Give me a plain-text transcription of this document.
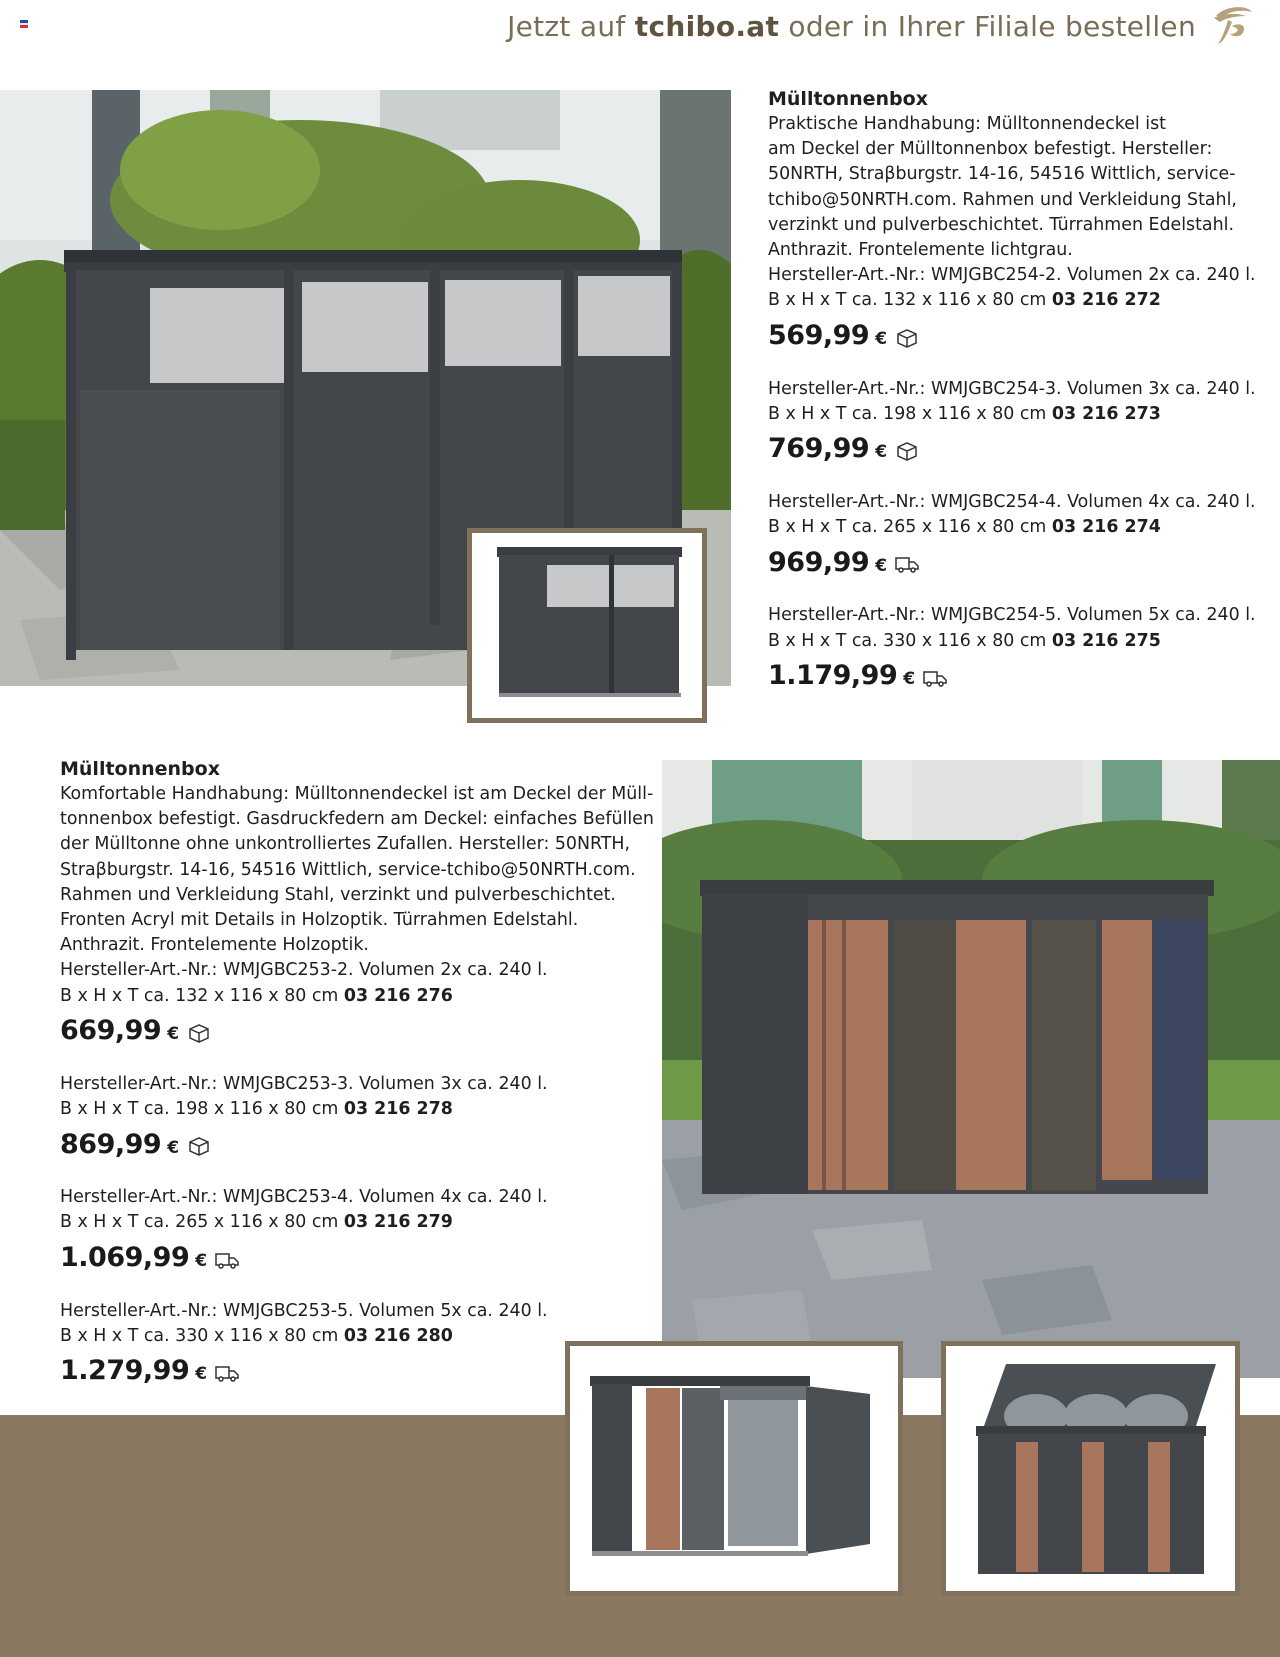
Jetzt auf tchibo.at oder in Ihrer Filiale bestellen
Mülltonnenbox
Praktische Handhabung: Mülltonnendeckel ist
am Deckel der Mülltonnenbox befestigt. Hersteller:
50NRTH, Straβburgstr. 14-16, 54516 Wittlich, service-
tchibo@50NRTH.com. Rahmen und Verkleidung Stahl,
verzinkt und pulverbeschichtet. Türrahmen Edelstahl.
Anthrazit. Frontelemente lichtgrau.
Hersteller-Art.-Nr.: WMJGBC254-2. Volumen 2x ca. 240 l.
B x H x T ca. 132 x 116 x 80 cm 03 216 272
569,99 €
Hersteller-Art.-Nr.: WMJGBC254-3. Volumen 3x ca. 240 l.
B x H x T ca. 198 x 116 x 80 cm 03 216 273
769,99 €
Hersteller-Art.-Nr.: WMJGBC254-4. Volumen 4x ca. 240 l.
B x H x T ca. 265 x 116 x 80 cm 03 216 274
969,99 €
Hersteller-Art.-Nr.: WMJGBC254-5. Volumen 5x ca. 240 l.
B x H x T ca. 330 x 116 x 80 cm 03 216 275
1.179,99 €
Mülltonnenbox
Komfortable Handhabung: Mülltonnendeckel ist am Deckel der Müll-
tonnenbox befestigt. Gasdruckfedern am Deckel: einfaches Befüllen
der Mülltonne ohne unkontrolliertes Zufallen. Hersteller: 50NRTH,
Straβburgstr. 14-16, 54516 Wittlich, service-tchibo@50NRTH.com.
Rahmen und Verkleidung Stahl, verzinkt und pulverbeschichtet.
Fronten Acryl mit Details in Holzoptik. Türrahmen Edelstahl.
Anthrazit. Frontelemente Holzoptik.
Hersteller-Art.-Nr.: WMJGBC253-2. Volumen 2x ca. 240 l.
B x H x T ca. 132 x 116 x 80 cm 03 216 276
669,99 €
Hersteller-Art.-Nr.: WMJGBC253-3. Volumen 3x ca. 240 l.
B x H x T ca. 198 x 116 x 80 cm 03 216 278
869,99 €
Hersteller-Art.-Nr.: WMJGBC253-4. Volumen 4x ca. 240 l.
B x H x T ca. 265 x 116 x 80 cm 03 216 279
1.069,99 €
Hersteller-Art.-Nr.: WMJGBC253-5. Volumen 5x ca. 240 l.
B x H x T ca. 330 x 116 x 80 cm 03 216 280
1.279,99 €
